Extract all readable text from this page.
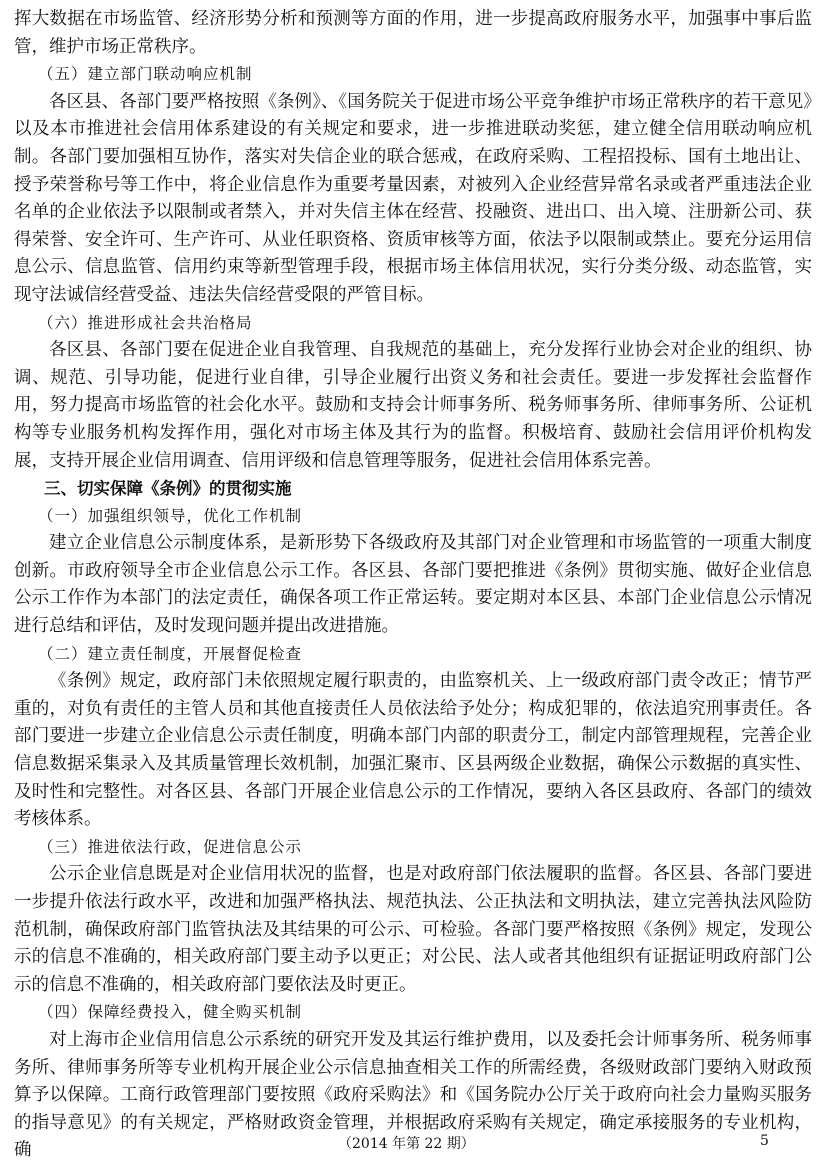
挥大数据在市场监管、经济形势分析和预测等方面的作用，进一步提高政府服务水平，加强事中事后监管，维护市场正常秩序。

（五）建立部门联动响应机制

各区县、各部门要严格按照《条例》、《国务院关于促进市场公平竞争维护市场正常秩序的若干意见》以及本市推进社会信用体系建设的有关规定和要求，进一步推进联动奖惩，建立健全信用联动响应机制。各部门要加强相互协作，落实对失信企业的联合惩戒，在政府采购、工程招投标、国有土地出让、授予荣誉称号等工作中，将企业信息作为重要考量因素，对被列入企业经营异常名录或者严重违法企业名单的企业依法予以限制或者禁入，并对失信主体在经营、投融资、进出口、出入境、注册新公司、获得荣誉、安全许可、生产许可、从业任职资格、资质审核等方面，依法予以限制或禁止。要充分运用信息公示、信息监管、信用约束等新型管理手段，根据市场主体信用状况，实行分类分级、动态监管，实现守法诚信经营受益、违法失信经营受限的严管目标。

（六）推进形成社会共治格局

各区县、各部门要在促进企业自我管理、自我规范的基础上，充分发挥行业协会对企业的组织、协调、规范、引导功能，促进行业自律，引导企业履行出资义务和社会责任。要进一步发挥社会监督作用，努力提高市场监管的社会化水平。鼓励和支持会计师事务所、税务师事务所、律师事务所、公证机构等专业服务机构发挥作用，强化对市场主体及其行为的监督。积极培育、鼓励社会信用评价机构发展，支持开展企业信用调查、信用评级和信息管理等服务，促进社会信用体系完善。

三、切实保障《条例》的贯彻实施

（一）加强组织领导，优化工作机制

建立企业信息公示制度体系，是新形势下各级政府及其部门对企业管理和市场监管的一项重大制度创新。市政府领导全市企业信息公示工作。各区县、各部门要把推进《条例》贯彻实施、做好企业信息公示工作作为本部门的法定责任，确保各项工作正常运转。要定期对本区县、本部门企业信息公示情况进行总结和评估，及时发现问题并提出改进措施。

（二）建立责任制度，开展督促检查

《条例》规定，政府部门未依照规定履行职责的，由监察机关、上一级政府部门责令改正；情节严重的，对负有责任的主管人员和其他直接责任人员依法给予处分；构成犯罪的，依法追究刑事责任。各部门要进一步建立企业信息公示责任制度，明确本部门内部的职责分工，制定内部管理规程，完善企业信息数据采集录入及其质量管理长效机制，加强汇聚市、区县两级企业数据，确保公示数据的真实性、及时性和完整性。对各区县、各部门开展企业信息公示的工作情况，要纳入各区县政府、各部门的绩效考核体系。

（三）推进依法行政，促进信息公示

公示企业信息既是对企业信用状况的监督，也是对政府部门依法履职的监督。各区县、各部门要进一步提升依法行政水平，改进和加强严格执法、规范执法、公正执法和文明执法，建立完善执法风险防范机制，确保政府部门监管执法及其结果的可公示、可检验。各部门要严格按照《条例》规定，发现公示的信息不准确的，相关政府部门要主动予以更正；对公民、法人或者其他组织有证据证明政府部门公示的信息不准确的，相关政府部门要依法及时更正。

（四）保障经费投入，健全购买机制

对上海市企业信用信息公示系统的研究开发及其运行维护费用，以及委托会计师事务所、税务师事务所、律师事务所等专业机构开展企业公示信息抽查相关工作的所需经费，各级财政部门要纳入财政预算予以保障。工商行政管理部门要按照《政府采购法》和《国务院办公厅关于政府向社会力量购买服务的指导意见》的有关规定，严格财政资金管理，并根据政府采购有关规定，确定承接服务的专业机构，确	（2014 年第 22 期）	5
